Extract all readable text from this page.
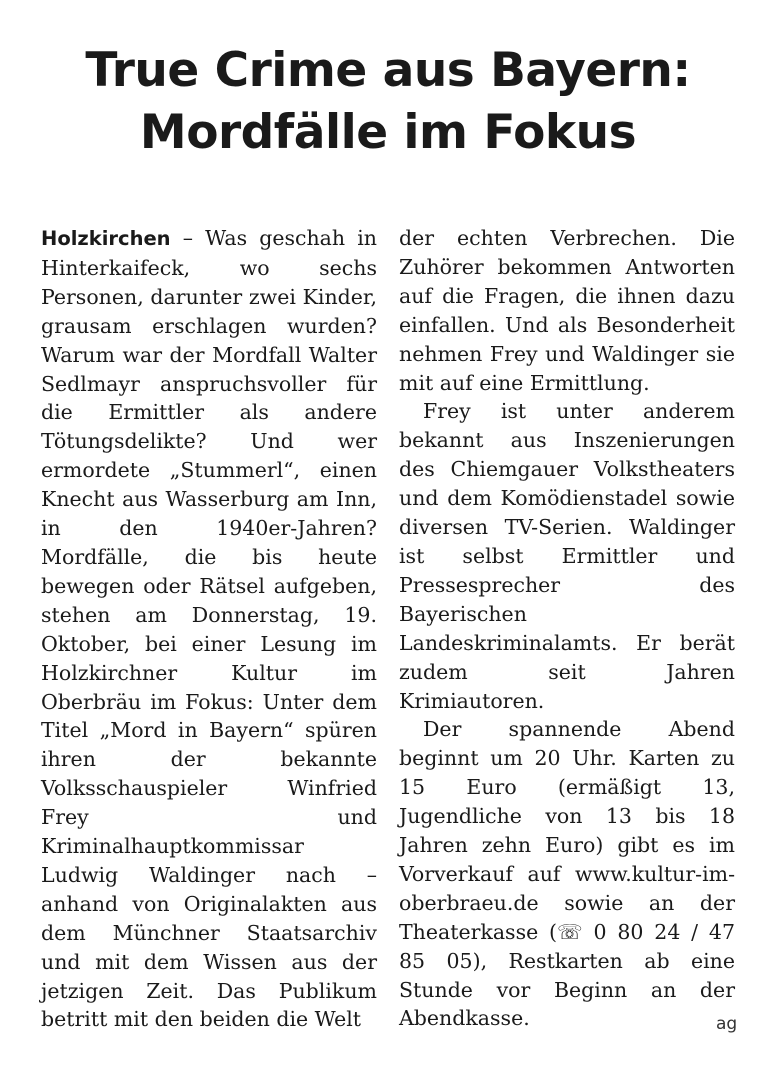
True Crime aus Bayern:
Mordfälle im Fokus

Holzkirchen – Was geschah in Hinterkaifeck, wo sechs Personen, darunter zwei Kinder, grausam erschlagen wurden? Warum war der Mordfall Walter Sedlmayr anspruchsvoller für die Ermittler als andere Tötungsdelikte? Und wer ermordete „Stummerl“, einen Knecht aus Wasserburg am Inn, in den 1940er-Jahren? Mordfälle, die bis heute bewegen oder Rätsel aufgeben, stehen am Donnerstag, 19. Oktober, bei einer Lesung im Holzkirchner Kultur im Oberbräu im Fokus: Unter dem Titel „Mord in Bayern“ spüren ihren der bekannte Volksschauspieler Winfried Frey und Kriminalhauptkommissar Ludwig Waldinger nach – anhand von Originalakten aus dem Münchner Staatsarchiv und mit dem Wissen aus der jetzigen Zeit. Das Publikum betritt mit den beiden die Welt

der echten Verbrechen. Die Zuhörer bekommen Antworten auf die Fragen, die ihnen dazu einfallen. Und als Besonderheit nehmen Frey und Waldinger sie mit auf eine Ermittlung.

Frey ist unter anderem bekannt aus Inszenierungen des Chiemgauer Volkstheaters und dem Komödienstadel sowie diversen TV-Serien. Waldinger ist selbst Ermittler und Pressesprecher des Bayerischen Landeskriminalamts. Er berät zudem seit Jahren Krimiautoren.

Der spannende Abend beginnt um 20 Uhr. Karten zu 15 Euro (ermäßigt 13, Jugendliche von 13 bis 18 Jahren zehn Euro) gibt es im Vorverkauf auf www.kultur-im-oberbraeu.de sowie an der Theaterkasse (☏ 0 80 24 / 47 85 05), Restkarten ab eine Stunde vor Beginn an der Abendkasse.	ag
